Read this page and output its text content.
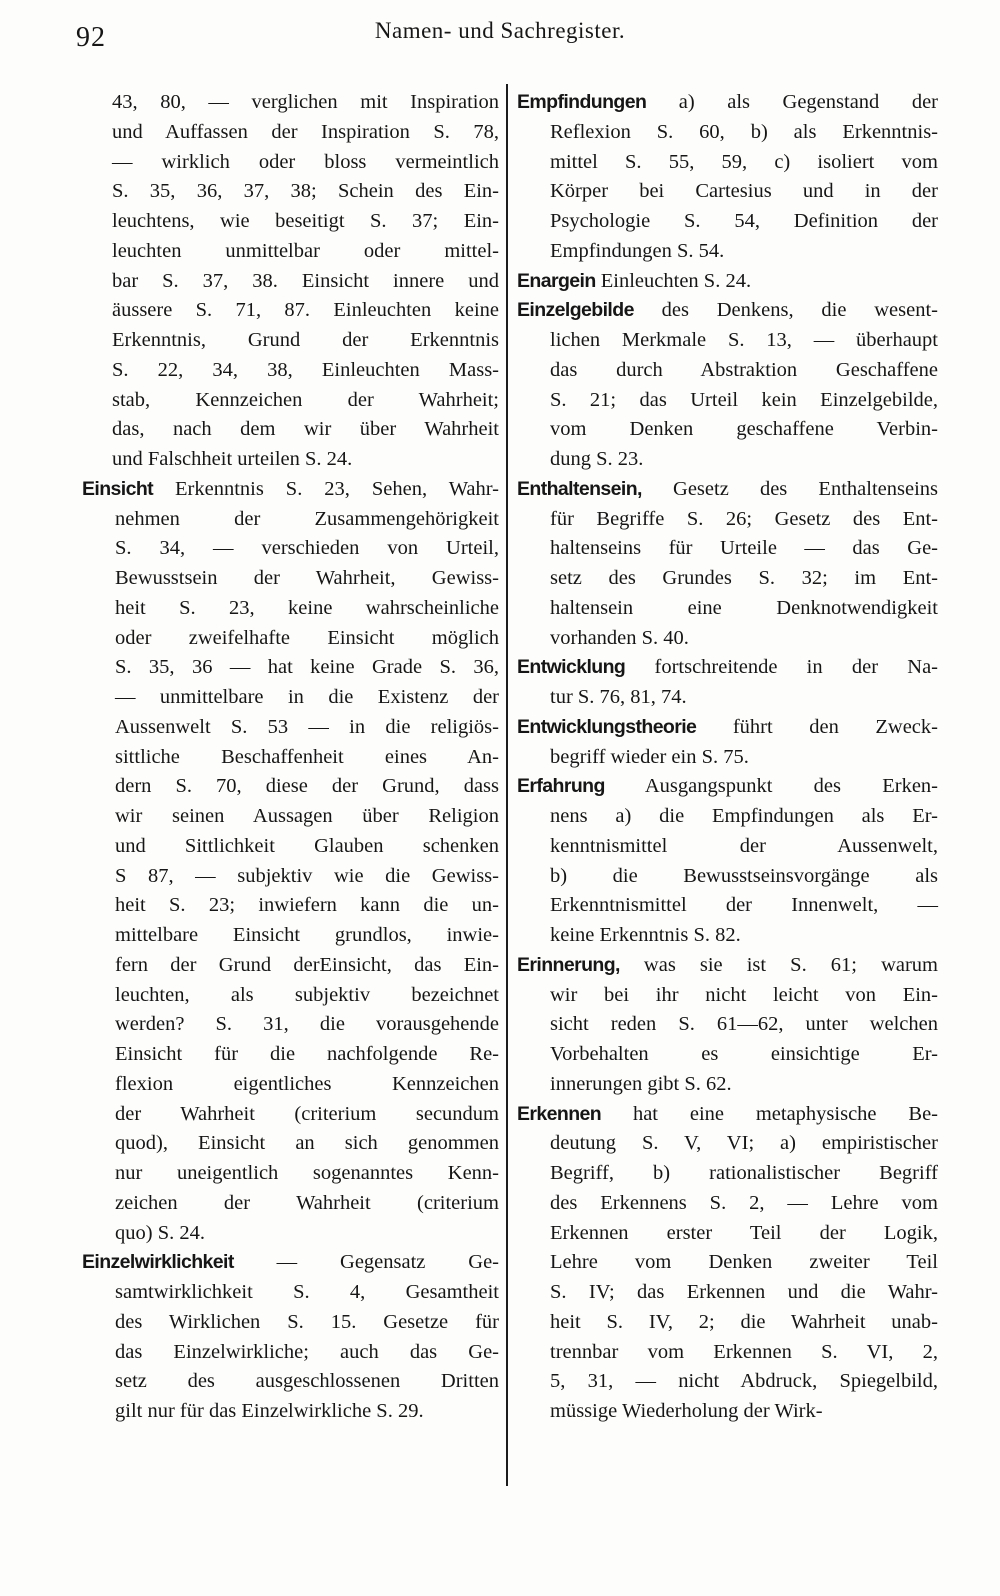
92	Namen- und Sachregister.
43, 80, — verglichen mit Inspiration
und Auffassen der Inspiration S. 78,
— wirklich oder bloss vermeintlich
S. 35, 36, 37, 38; Schein des Ein-
leuchtens, wie beseitigt S. 37; Ein-
leuchten unmittelbar oder mittel-
bar S. 37, 38. Einsicht innere und
äussere S. 71, 87. Einleuchten keine
Erkenntnis, Grund der Erkenntnis
S. 22, 34, 38, Einleuchten Mass-
stab, Kennzeichen der Wahrheit;
das, nach dem wir über Wahrheit
und Falschheit urteilen S. 24.
Einsicht Erkenntnis S. 23, Sehen, Wahr-
nehmen der Zusammengehörigkeit
S. 34, — verschieden von Urteil,
Bewusstsein der Wahrheit, Gewiss-
heit S. 23, keine wahrscheinliche
oder zweifelhafte Einsicht möglich
S. 35, 36 — hat keine Grade S. 36,
— unmittelbare in die Existenz der
Aussenwelt S. 53 — in die religiös-
sittliche Beschaffenheit eines An-
dern S. 70, diese der Grund, dass
wir seinen Aussagen über Religion
und Sittlichkeit Glauben schenken
S 87, — subjektiv wie die Gewiss-
heit S. 23; inwiefern kann die un-
mittelbare Einsicht grundlos, inwie-
fern der Grund derEinsicht, das Ein-
leuchten, als subjektiv bezeichnet
werden? S. 31, die vorausgehende
Einsicht für die nachfolgende Re-
flexion eigentliches Kennzeichen
der Wahrheit (criterium secundum
quod), Einsicht an sich genommen
nur uneigentlich sogenanntes Kenn-
zeichen der Wahrheit (criterium
quo) S. 24.
Einzelwirklichkeit — Gegensatz Ge-
samtwirklichkeit S. 4, Gesamtheit
des Wirklichen S. 15. Gesetze für
das Einzelwirkliche; auch das Ge-
setz des ausgeschlossenen Dritten
gilt nur für das Einzelwirkliche S. 29.
Empfindungen a) als Gegenstand der
Reflexion S. 60, b) als Erkenntnis-
mittel S. 55, 59, c) isoliert vom
Körper bei Cartesius und in der
Psychologie S. 54, Definition der
Empfindungen S. 54.
Enargein Einleuchten S. 24.
Einzelgebilde des Denkens, die wesent-
lichen Merkmale S. 13, — überhaupt
das durch Abstraktion Geschaffene
S. 21; das Urteil kein Einzelgebilde,
vom Denken geschaffene Verbin-
dung S. 23.
Enthaltensein, Gesetz des Enthaltenseins
für Begriffe S. 26; Gesetz des Ent-
haltenseins für Urteile — das Ge-
setz des Grundes S. 32; im Ent-
haltensein eine Denknotwendigkeit
vorhanden S. 40.
Entwicklung fortschreitende in der Na-
tur S. 76, 81, 74.
Entwicklungstheorie führt den Zweck-
begriff wieder ein S. 75.
Erfahrung Ausgangspunkt des Erken-
nens a) die Empfindungen als Er-
kenntnismittel der Aussenwelt,
b) die Bewusstseinsvorgänge als
Erkenntnismittel der Innenwelt, —
keine Erkenntnis S. 82.
Erinnerung, was sie ist S. 61; warum
wir bei ihr nicht leicht von Ein-
sicht reden S. 61—62, unter welchen
Vorbehalten es einsichtige Er-
innerungen gibt S. 62.
Erkennen hat eine metaphysische Be-
deutung S. V, VI; a) empiristischer
Begriff, b) rationalistischer Begriff
des Erkennens S. 2, — Lehre vom
Erkennen erster Teil der Logik,
Lehre vom Denken zweiter Teil
S. IV; das Erkennen und die Wahr-
heit S. IV, 2; die Wahrheit unab-
trennbar vom Erkennen S. VI, 2,
5, 31, — nicht Abdruck, Spiegelbild,
müssige Wiederholung der Wirk-
